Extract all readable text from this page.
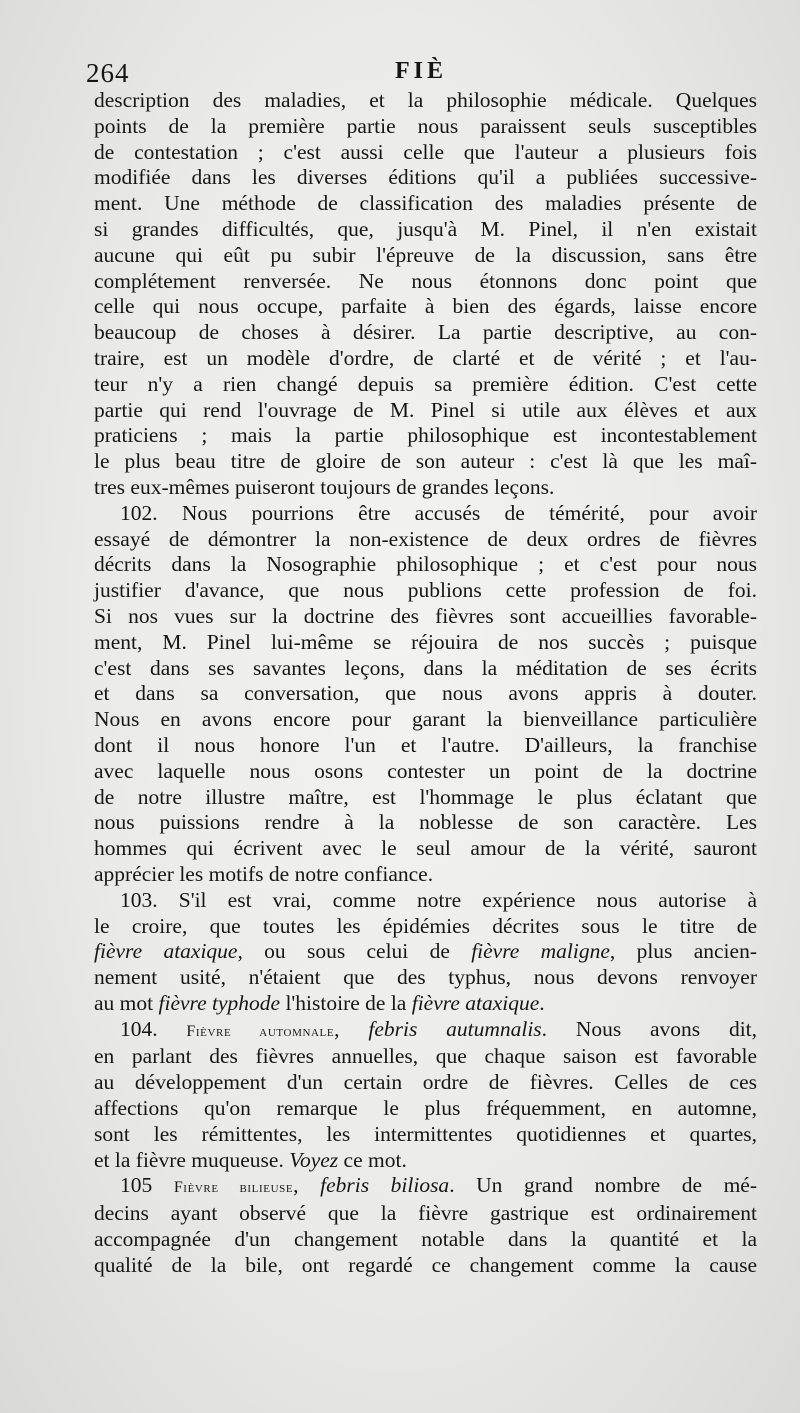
264	FIÈ
description des maladies, et la philosophie médicale. Quelques
points de la première partie nous paraissent seuls susceptibles
de contestation ; c'est aussi celle que l'auteur a plusieurs fois
modifiée dans les diverses éditions qu'il a publiées successive-
ment. Une méthode de classification des maladies présente de
si grandes difficultés, que, jusqu'à M. Pinel, il n'en existait
aucune qui eût pu subir l'épreuve de la discussion, sans être
complétement renversée. Ne nous étonnons donc point que
celle qui nous occupe, parfaite à bien des égards, laisse encore
beaucoup de choses à désirer. La partie descriptive, au con-
traire, est un modèle d'ordre, de clarté et de vérité ; et l'au-
teur n'y a rien changé depuis sa première édition. C'est cette
partie qui rend l'ouvrage de M. Pinel si utile aux élèves et aux
praticiens ; mais la partie philosophique est incontestablement
le plus beau titre de gloire de son auteur : c'est là que les maî-
tres eux-mêmes puiseront toujours de grandes leçons.
102. Nous pourrions être accusés de témérité, pour avoir
essayé de démontrer la non-existence de deux ordres de fièvres
décrits dans la Nosographie philosophique ; et c'est pour nous
justifier d'avance, que nous publions cette profession de foi.
Si nos vues sur la doctrine des fièvres sont accueillies favorable-
ment, M. Pinel lui-même se réjouira de nos succès ; puisque
c'est dans ses savantes leçons, dans la méditation de ses écrits
et dans sa conversation, que nous avons appris à douter.
Nous en avons encore pour garant la bienveillance particulière
dont il nous honore l'un et l'autre. D'ailleurs, la franchise
avec laquelle nous osons contester un point de la doctrine
de notre illustre maître, est l'hommage le plus éclatant que
nous puissions rendre à la noblesse de son caractère. Les
hommes qui écrivent avec le seul amour de la vérité, sauront
apprécier les motifs de notre confiance.
103. S'il est vrai, comme notre expérience nous autorise à
le croire, que toutes les épidémies décrites sous le titre de
fièvre ataxique, ou sous celui de fièvre maligne, plus ancien-
nement usité, n'étaient que des typhus, nous devons renvoyer
au mot fièvre typhode l'histoire de la fièvre ataxique.
104. Fièvre automnale, febris autumnalis. Nous avons dit,
en parlant des fièvres annuelles, que chaque saison est favorable
au développement d'un certain ordre de fièvres. Celles de ces
affections qu'on remarque le plus fréquemment, en automne,
sont les rémittentes, les intermittentes quotidiennes et quartes,
et la fièvre muqueuse. Voyez ce mot.
105 Fièvre bilieuse, febris biliosa. Un grand nombre de mé-
decins ayant observé que la fièvre gastrique est ordinairement
accompagnée d'un changement notable dans la quantité et la
qualité de la bile, ont regardé ce changement comme la cause
